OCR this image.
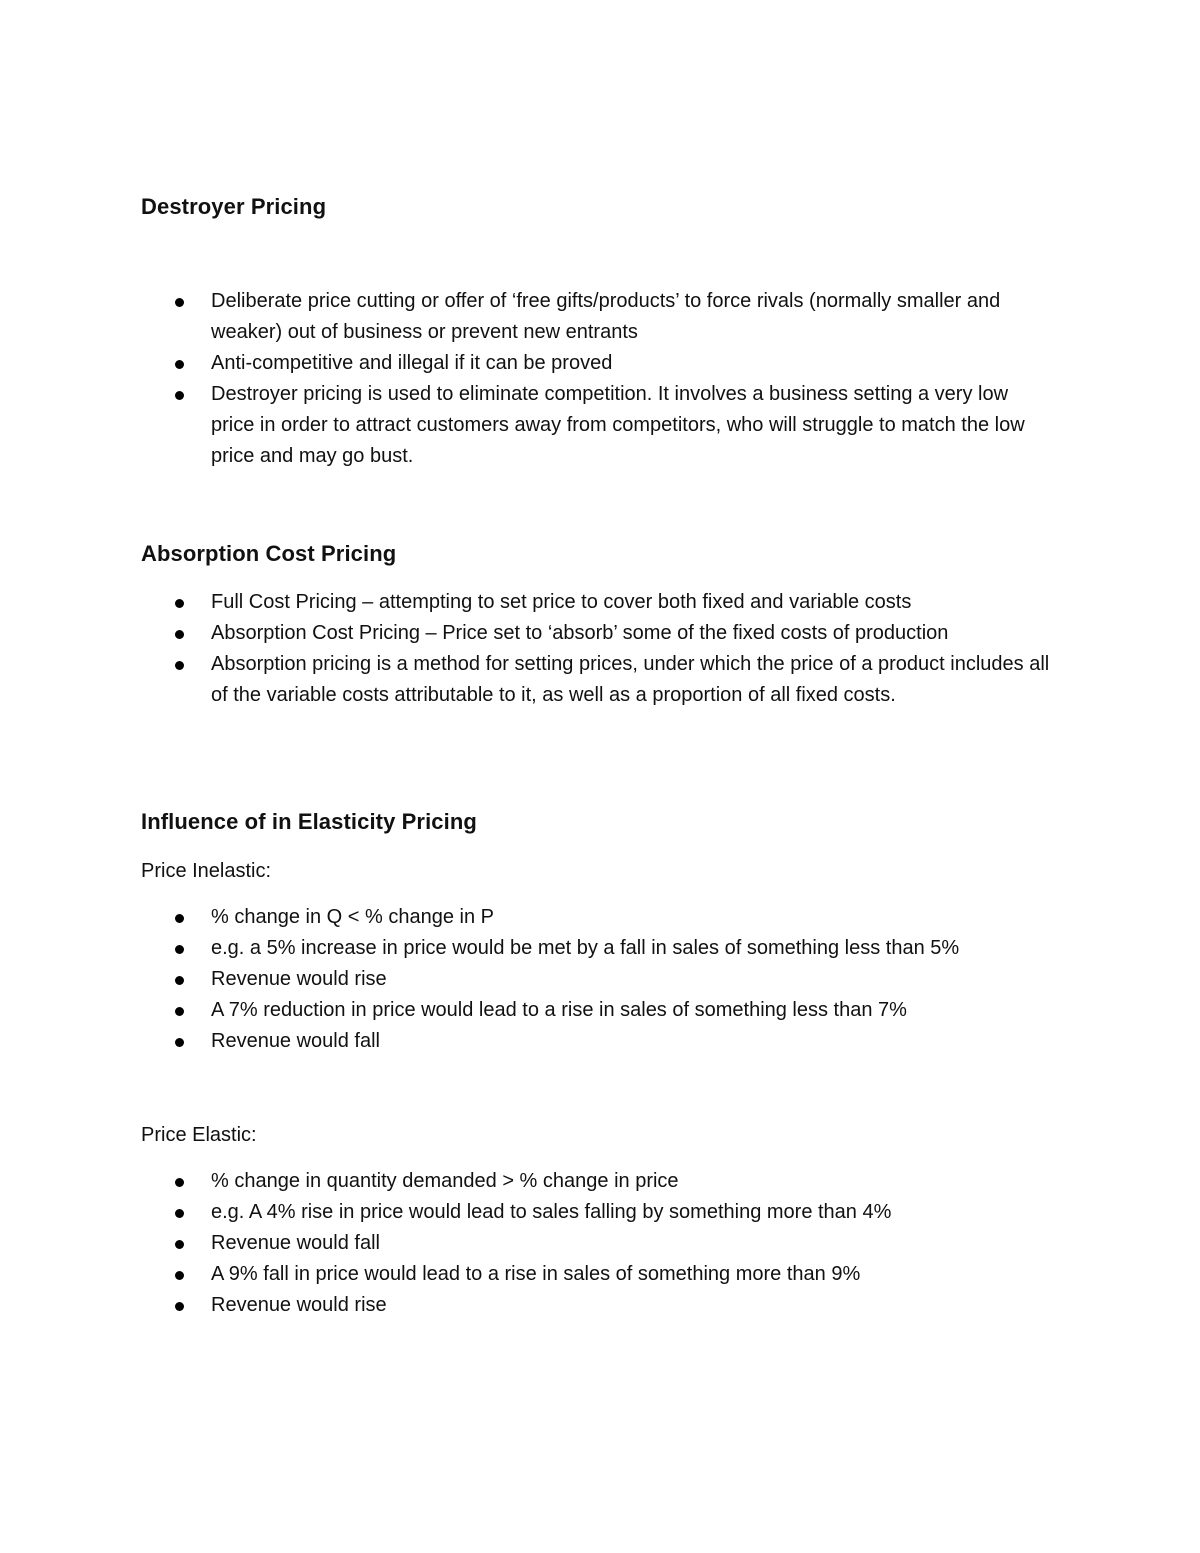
Destroyer Pricing
Deliberate price cutting or offer of ‘free gifts/products’ to force rivals (normally smaller and weaker) out of business or prevent new entrants
Anti-competitive and illegal if it can be proved
Destroyer pricing is used to eliminate competition. It involves a business setting a very low price in order to attract customers away from competitors, who will struggle to match the low price and may go bust.
Absorption Cost Pricing
Full Cost Pricing – attempting to set price to cover both fixed and variable costs
Absorption Cost Pricing – Price set to ‘absorb’ some of the fixed costs of production
Absorption pricing is a method for setting prices, under which the price of a product includes all of the variable costs attributable to it, as well as a proportion of all fixed costs.
Influence of in Elasticity Pricing

Price Inelastic:

% change in Q < % change in P
e.g. a 5% increase in price would be met by a fall in sales of something less than 5%
Revenue would rise
A 7% reduction in price would lead to a rise in sales of something less than 7%
Revenue would fall

Price Elastic:

% change in quantity demanded > % change in price
e.g. A 4% rise in price would lead to sales falling by something more than 4%
Revenue would fall
A 9% fall in price would lead to a rise in sales of something more than 9%
Revenue would rise
